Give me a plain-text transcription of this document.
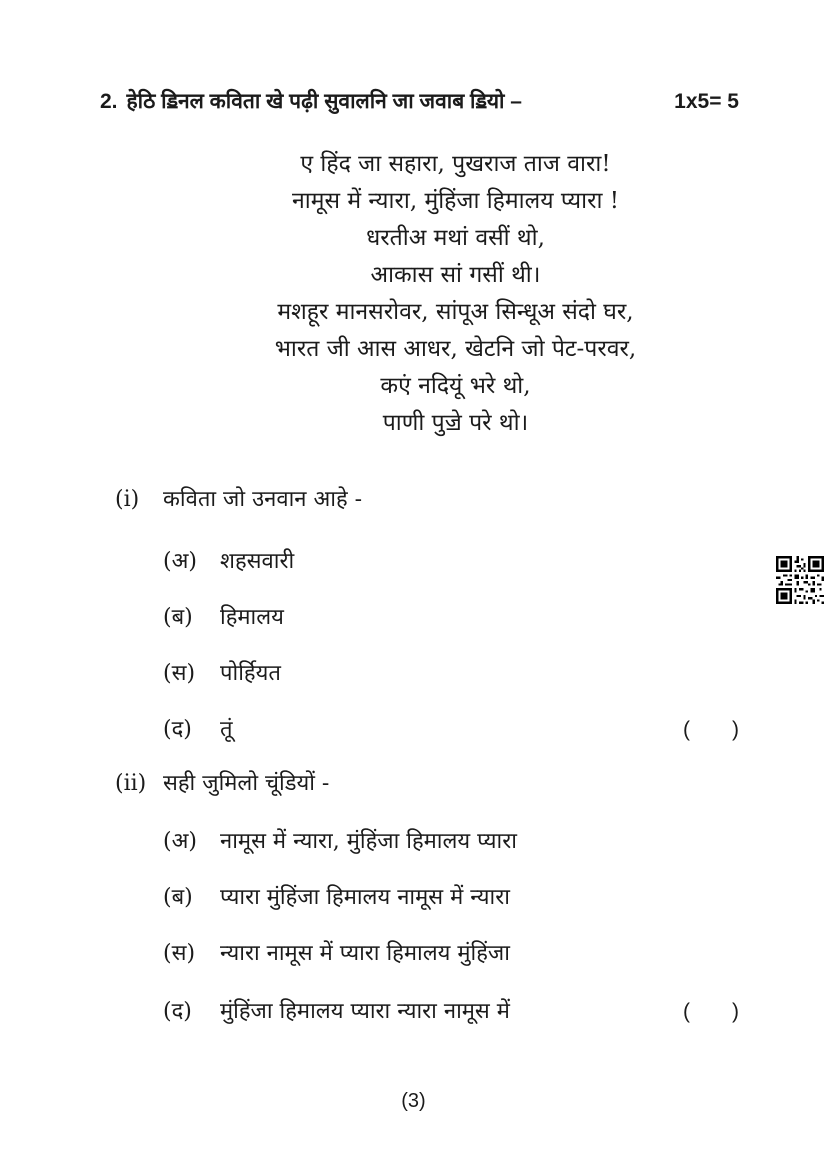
2. हेठि ॾिनल कविता खे पढ़ी सुवालनि जा जवाब ॾियो –	1x5= 5
ए हिंद जा सहारा, पुखराज ताज वारा!
नामूस में न्यारा, मुंहिंजा हिमालय प्यारा !
धरतीअ मथां वसीं थो,
आकास सां गसीं थी।
मशहूर मानसरोवर, सांपूअ सिन्धूअ संदो घर,
भारत जी आस आधर, खेटनि जो पेट-परवर,
कएं नदियूं भरे थो,
पाणी पुॼे परे थो।
(i)	कविता जो उनवान आहे -
(अ)	शहसवारी
(ब)	हिमालय
(स)	पोर्हियत
(द)	तूं	( )
(ii) सही जुमिलो चूंडियों -
(अ)	नामूस में न्यारा, मुंहिंजा हिमालय प्यारा
(ब)	प्यारा मुंहिंजा हिमालय नामूस में न्यारा
(स)	न्यारा नामूस में प्यारा हिमालय मुंहिंजा
(द)	मुंहिंजा हिमालय प्यारा न्यारा नामूस में	( )
(3)
